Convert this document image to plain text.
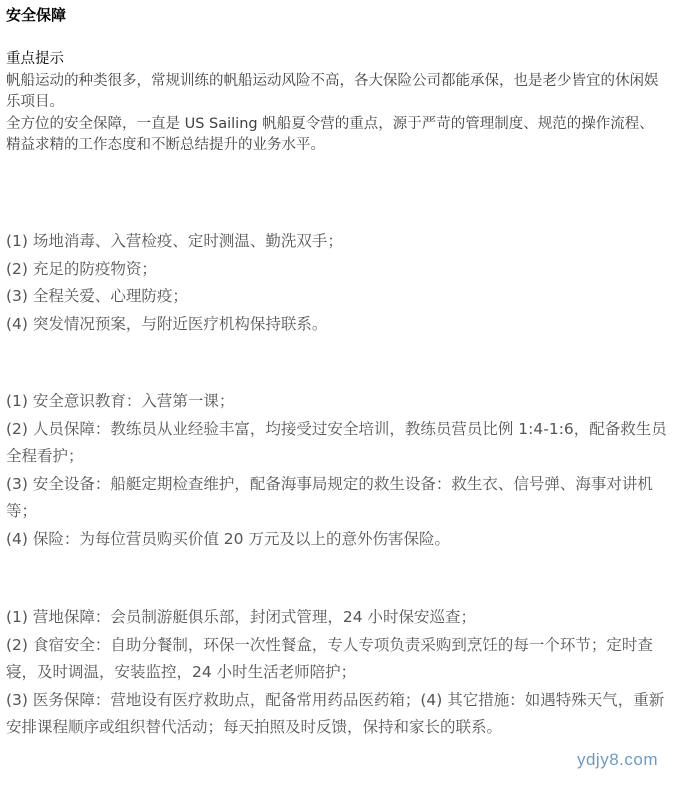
安全保障

重点提示

帆船运动的种类很多，常规训练的帆船运动风险不高，各大保险公司都能承保，也是老少皆宜的休闲娱乐项目。

全方位的安全保障，一直是 US Sailing 帆船夏令营的重点，源于严苛的管理制度、规范的操作流程、精益求精的工作态度和不断总结提升的业务水平。

(1) 场地消毒、入营检疫、定时测温、勤洗双手；

(2) 充足的防疫物资；

(3) 全程关爱、心理防疫；

(4) 突发情况预案，与附近医疗机构保持联系。

(1) 安全意识教育：入营第一课；

(2) 人员保障：教练员从业经验丰富，均接受过安全培训，教练员营员比例 1:4-1:6，配备救生员全程看护；

(3) 安全设备：船艇定期检查维护，配备海事局规定的救生设备：救生衣、信号弹、海事对讲机等；

(4) 保险：为每位营员购买价值 20 万元及以上的意外伤害保险。

(1) 营地保障：会员制游艇俱乐部，封闭式管理，24 小时保安巡查；

(2) 食宿安全：自助分餐制，环保一次性餐盒，专人专项负责采购到烹饪的每一个环节；定时查寝，及时调温，安装监控，24 小时生活老师陪护；

(3) 医务保障：营地设有医疗救助点，配备常用药品医药箱；(4) 其它措施：如遇特殊天气，重新安排课程顺序或组织替代活动；每天拍照及时反馈，保持和家长的联系。

ydjy8.com
